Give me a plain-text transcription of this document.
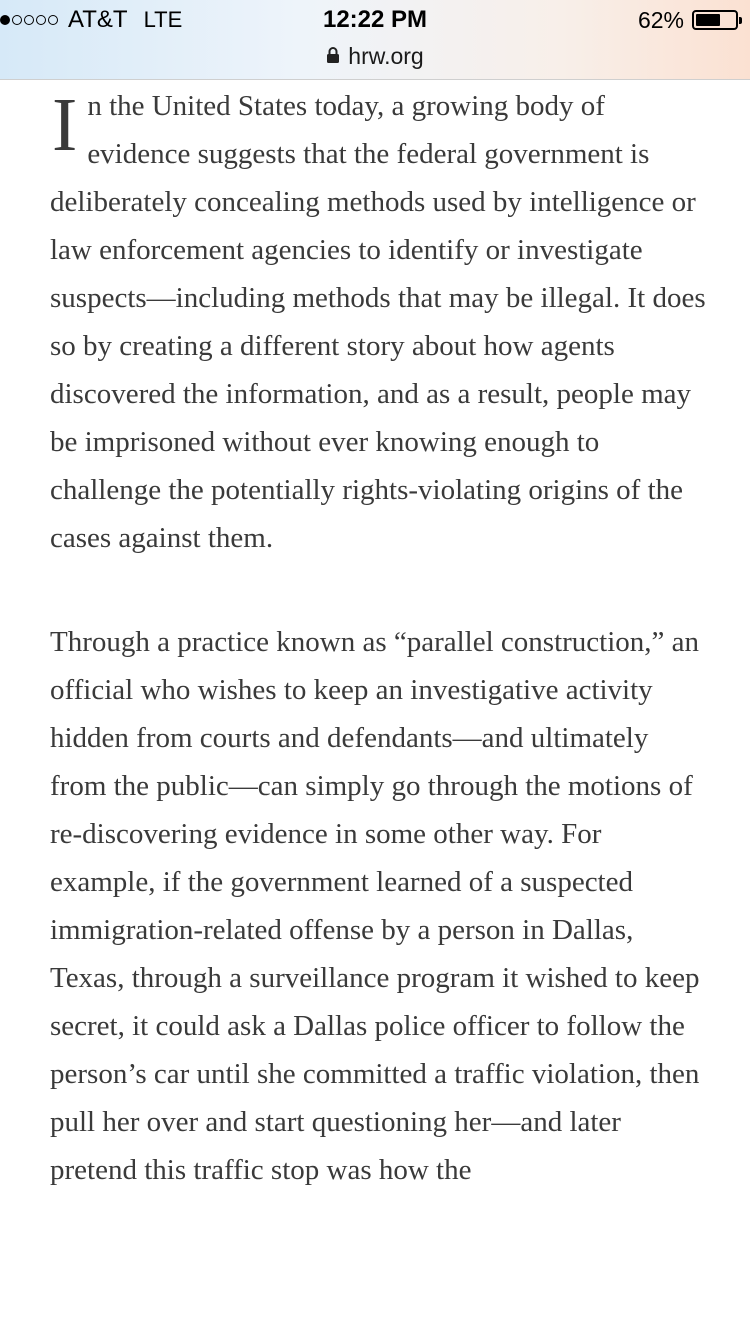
AT&T LTE	12:22 PM	62%
hrw.org

In the United States today, a growing body of evidence suggests that the federal government is deliberately concealing methods used by intelligence or law enforcement agencies to identify or investigate suspects—including methods that may be illegal. It does so by creating a different story about how agents discovered the information, and as a result, people may be imprisoned without ever knowing enough to challenge the potentially rights-violating origins of the cases against them.

Through a practice known as “parallel construction,” an official who wishes to keep an investigative activity hidden from courts and defendants—and ultimately from the public—can simply go through the motions of re-discovering evidence in some other way. For example, if the government learned of a suspected immigration-related offense by a person in Dallas, Texas, through a surveillance program it wished to keep secret, it could ask a Dallas police officer to follow the person’s car until she committed a traffic violation, then pull her over and start questioning her—and later pretend this traffic stop was how the
